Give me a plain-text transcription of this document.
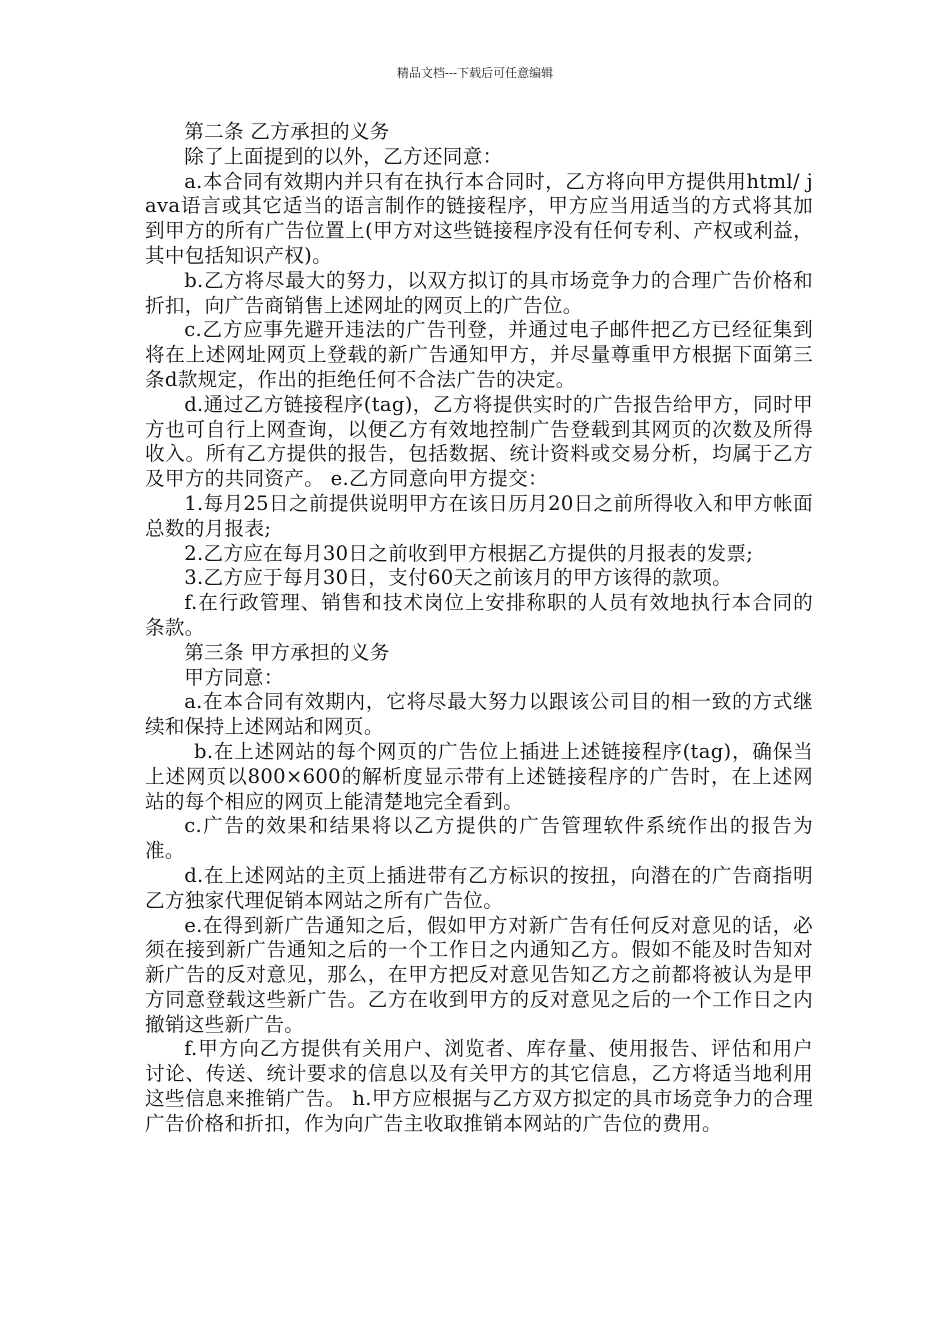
精品文档---下载后可任意编辑

第二条 乙方承担的义务

除了上面提到的以外，乙方还同意：

a.本合同有效期内并只有在执行本合同时，乙方将向甲方提供用html/ java语言或其它适当的语言制作的链接程序，甲方应当用适当的方式将其加到甲方的所有广告位置上(甲方对这些链接程序没有任何专利、产权或利益，其中包括知识产权)。

b.乙方将尽最大的努力，以双方拟订的具市场竞争力的合理广告价格和折扣，向广告商销售上述网址的网页上的广告位。

c.乙方应事先避开违法的广告刊登，并通过电子邮件把乙方已经征集到将在上述网址网页上登载的新广告通知甲方，并尽量尊重甲方根据下面第三条d款规定，作出的拒绝任何不合法广告的决定。

d.通过乙方链接程序(tag)，乙方将提供实时的广告报告给甲方，同时甲方也可自行上网查询，以便乙方有效地控制广告登载到其网页的次数及所得收入。所有乙方提供的报告，包括数据、统计资料或交易分析，均属于乙方及甲方的共同资产。 e.乙方同意向甲方提交：

1.每月25日之前提供说明甲方在该日历月20日之前所得收入和甲方帐面总数的月报表;

2.乙方应在每月30日之前收到甲方根据乙方提供的月报表的发票;

3.乙方应于每月30日，支付60天之前该月的甲方该得的款项。

f.在行政管理、销售和技术岗位上安排称职的人员有效地执行本合同的条款。

第三条 甲方承担的义务

甲方同意：

a.在本合同有效期内，它将尽最大努力以跟该公司目的相一致的方式继续和保持上述网站和网页。

b.在上述网站的每个网页的广告位上插进上述链接程序(tag)，确保当上述网页以800×600的解析度显示带有上述链接程序的广告时，在上述网站的每个相应的网页上能清楚地完全看到。

c.广告的效果和结果将以乙方提供的广告管理软件系统作出的报告为准。

d.在上述网站的主页上插进带有乙方标识的按扭，向潜在的广告商指明乙方独家代理促销本网站之所有广告位。

e.在得到新广告通知之后，假如甲方对新广告有任何反对意见的话，必须在接到新广告通知之后的一个工作日之内通知乙方。假如不能及时告知对新广告的反对意见，那么，在甲方把反对意见告知乙方之前都将被认为是甲方同意登载这些新广告。乙方在收到甲方的反对意见之后的一个工作日之内撤销这些新广告。

f.甲方向乙方提供有关用户、浏览者、库存量、使用报告、评估和用户讨论、传送、统计要求的信息以及有关甲方的其它信息，乙方将适当地利用这些信息来推销广告。 h.甲方应根据与乙方双方拟定的具市场竞争力的合理广告价格和折扣，作为向广告主收取推销本网站的广告位的费用。
